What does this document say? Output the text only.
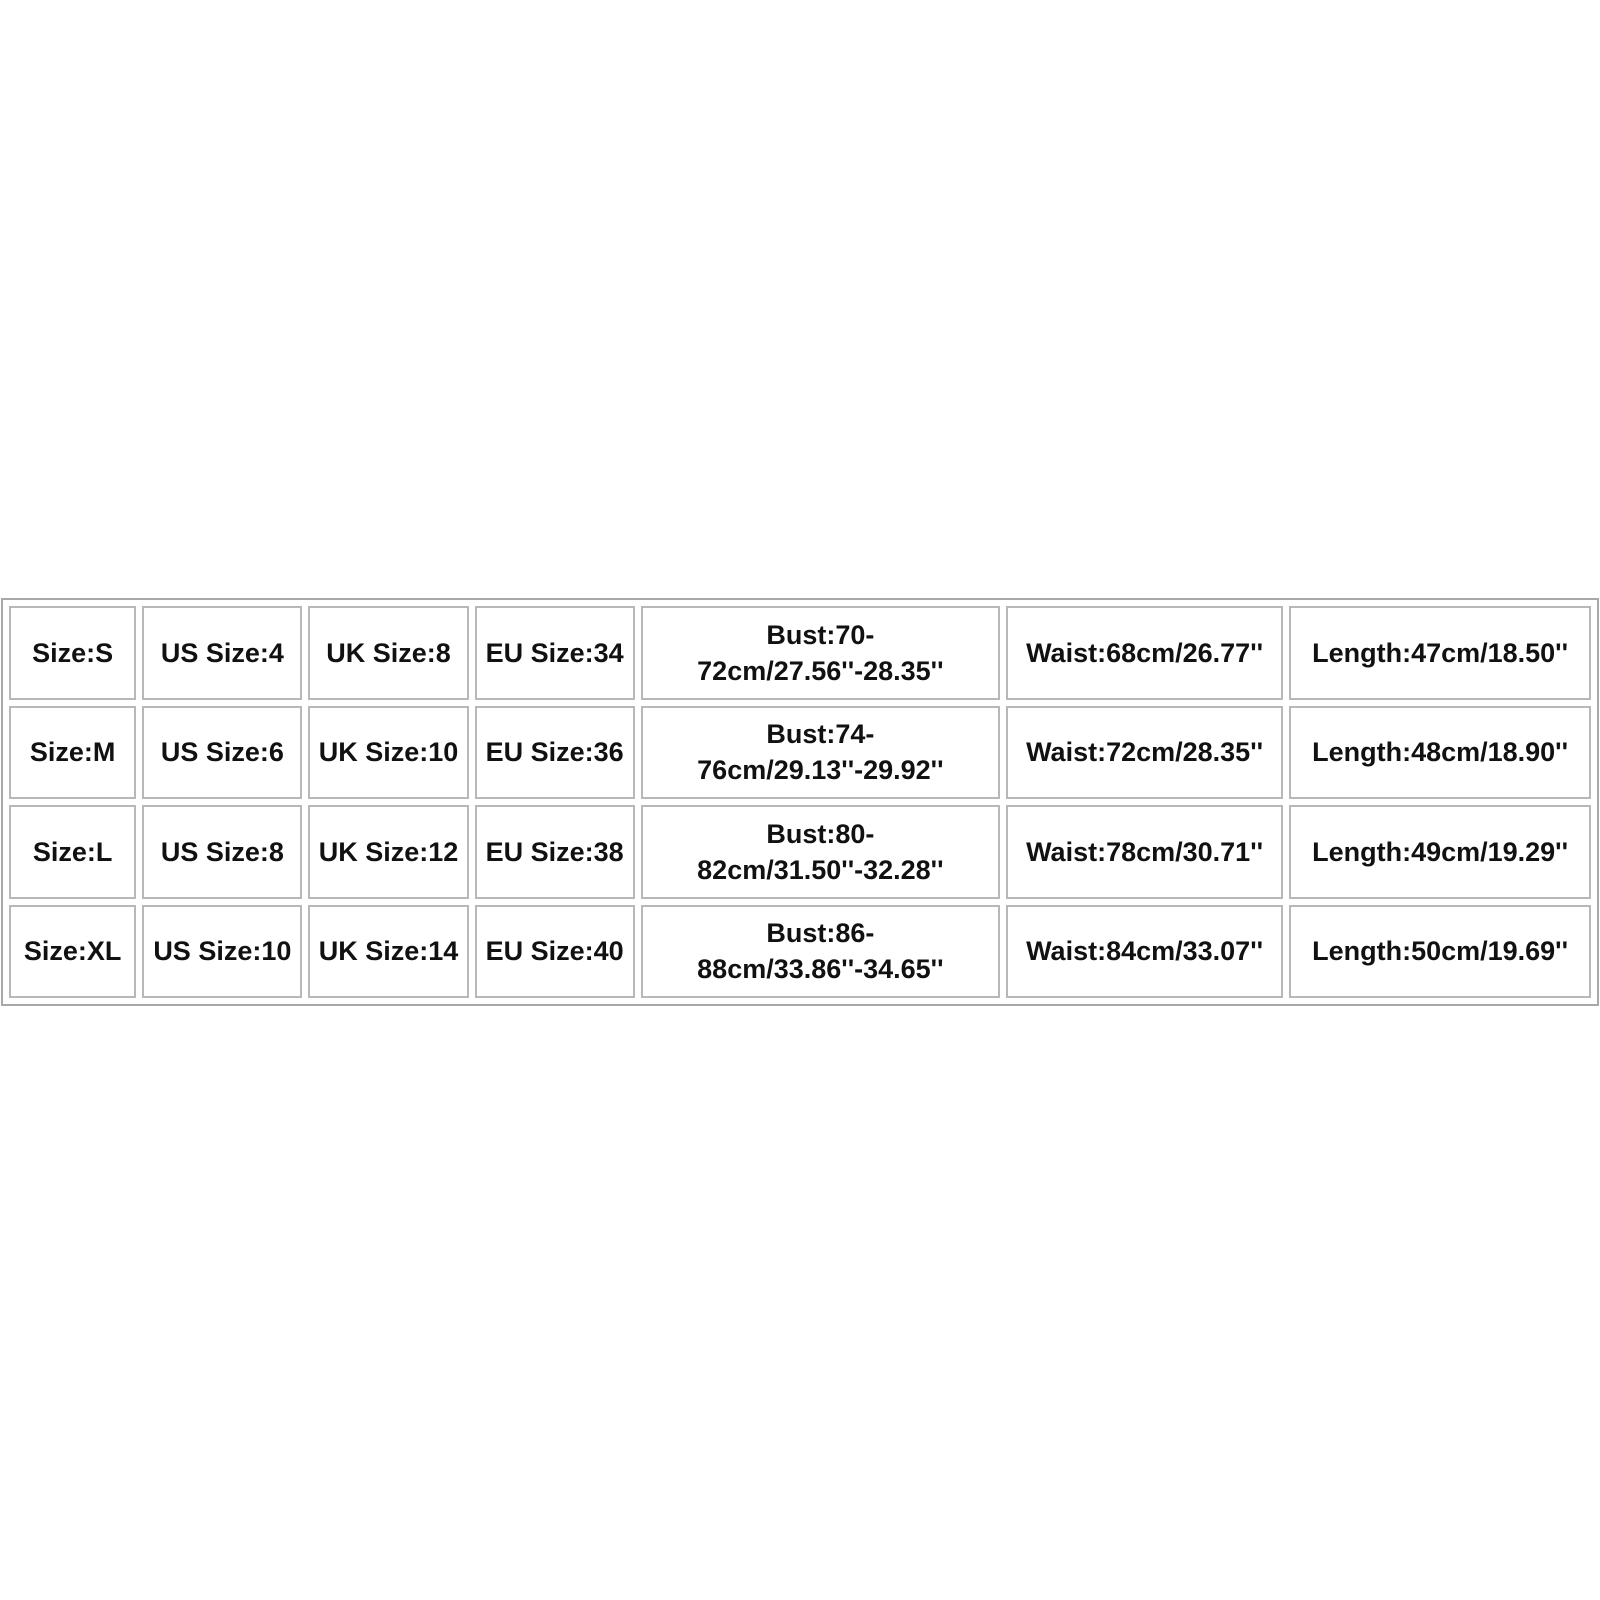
Size:S	US Size:4	UK Size:8	EU Size:34	Bust:70-72cm/27.56''-28.35''	Waist:68cm/26.77''	Length:47cm/18.50''
Size:M	US Size:6	UK Size:10	EU Size:36	Bust:74-76cm/29.13''-29.92''	Waist:72cm/28.35''	Length:48cm/18.90''
Size:L	US Size:8	UK Size:12	EU Size:38	Bust:80-82cm/31.50''-32.28''	Waist:78cm/30.71''	Length:49cm/19.29''
Size:XL	US Size:10	UK Size:14	EU Size:40	Bust:86-88cm/33.86''-34.65''	Waist:84cm/33.07''	Length:50cm/19.69''
